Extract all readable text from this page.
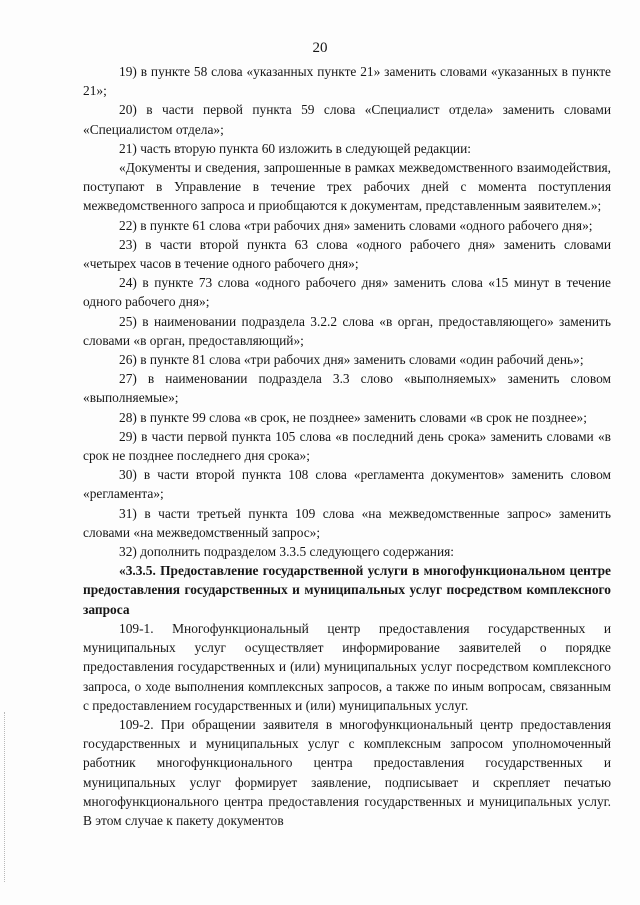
20

19) в пункте 58 слова «указанных пункте 21» заменить словами «указанных в пункте 21»;

20) в части первой пункта 59 слова «Специалист отдела» заменить словами «Специалистом отдела»;

21) часть вторую пункта 60 изложить в следующей редакции:

«Документы и сведения, запрошенные в рамках межведомственного взаимодействия, поступают в Управление в течение трех рабочих дней с момента поступления межведомственного запроса и приобщаются к документам, представленным заявителем.»;

22) в пункте 61 слова «три рабочих дня» заменить словами «одного рабочего дня»;

23) в части второй пункта 63 слова «одного рабочего дня» заменить словами «четырех часов в течение одного рабочего дня»;

24) в пункте 73 слова «одного рабочего дня» заменить слова «15 минут в течение одного рабочего дня»;

25) в наименовании подраздела 3.2.2 слова «в орган, предоставляющего» заменить словами «в орган, предоставляющий»;

26) в пункте 81 слова «три рабочих дня» заменить словами «один рабочий день»;

27) в наименовании подраздела 3.3 слово «выполняемых» заменить словом «выполняемые»;

28) в пункте 99 слова «в срок, не позднее» заменить словами «в срок не позднее»;

29) в части первой пункта 105 слова «в последний день срока» заменить словами «в срок не позднее последнего дня срока»;

30) в части второй пункта 108 слова «регламента документов» заменить словом «регламента»;

31) в части третьей пункта 109 слова «на межведомственные запрос» заменить словами «на межведомственный запрос»;

32) дополнить подразделом 3.3.5 следующего содержания:

«3.3.5. Предоставление государственной услуги в многофункциональном центре предоставления государственных и муниципальных услуг посредством комплексного запроса

109-1. Многофункциональный центр предоставления государственных и муниципальных услуг осуществляет информирование заявителей о порядке предоставления государственных и (или) муниципальных услуг посредством комплексного запроса, о ходе выполнения комплексных запросов, а также по иным вопросам, связанным с предоставлением государственных и (или) муниципальных услуг.

109-2. При обращении заявителя в многофункциональный центр предоставления государственных и муниципальных услуг с комплексным запросом уполномоченный работник многофункционального центра предоставления государственных и муниципальных услуг формирует заявление, подписывает и скрепляет печатью многофункционального центра предоставления государственных и муниципальных услуг. В этом случае к пакету документов
